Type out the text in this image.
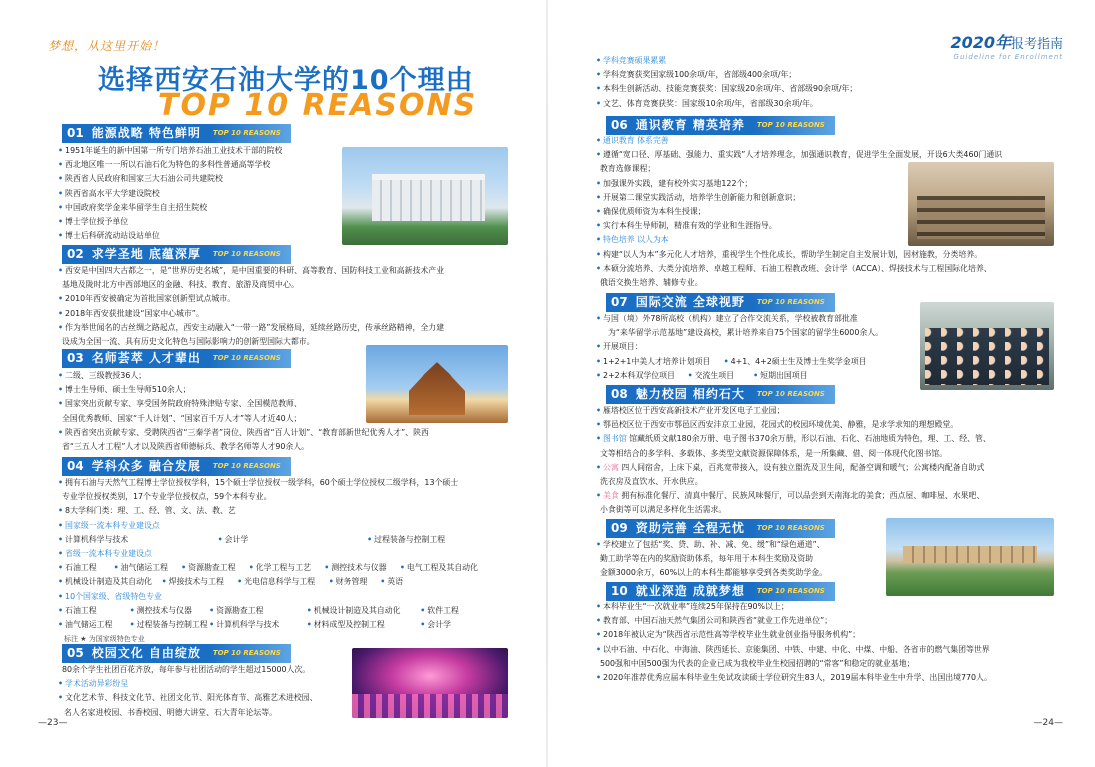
梦想，从这里开始！
选择西安石油大学的10个理由
TOP 10 REASONS
01 能源战略 特色鲜明	TOP 10 REASONS
• 1951年诞生的新中国第一所专门培养石油工业技术干部的院校
• 西北地区唯一一所以石油石化为特色的多科性普通高等学校
• 陕西省人民政府和国家三大石油公司共建院校
• 陕西省高水平大学建设院校
• 中国政府奖学金来华留学生自主招生院校
• 博士学位授予单位
• 博士后科研流动站设站单位
02 求学圣地 底蕴深厚	TOP 10 REASONS
• 西安是中国四大古都之一，是“世界历史名城”，是中国重要的科研、高等教育、国防科技工业和高新技术产业
基地及陇时北方中西部地区的金融、科技、教育、旅游及商贸中心。
• 2010年西安被确定为首批国家创新型试点城市。
• 2018年西安获批建设“国家中心城市”。
• 作为举世闻名的古丝绸之路起点，西安主动融入“一带一路”发展格局，延续丝路历史，传承丝路精神，全力建
设成为全国一流、具有历史文化特色与国际影响力的创新型国际大都市。
03 名师荟萃 人才辈出	TOP 10 REASONS
• 二级、三级教授36人；
• 博士生导师、硕士生导师510余人；
• 国家突出贡献专家、享受国务院政府特殊津贴专家、全国模范教师、
全国优秀教师、国家“千人计划”、“国家百千万人才”等人才近40人；
• 陕西省突出贡献专家、受聘陕西省“三秦学者”岗位、陕西省“百人计划”、“教育部新世纪优秀人才”、陕西
省“三五人才工程”人才以及陕西省师德标兵、教学名师等人才90余人。
04 学科众多 融合发展	TOP 10 REASONS
• 拥有石油与天然气工程博士学位授权学科，15个硕士学位授权一级学科，60个硕士学位授权二级学科，13个硕士
专业学位授权类别，17个专业学位授权点，59个本科专业。
• 8大学科门类：理、工、经、管、文、法、教、艺
• 国家级一流本科专业建设点
• 计算机科学与技术	• 会计学	• 过程装备与控制工程
• 省级一流本科专业建设点
• 石油工程 • 油气储运工程 • 资源勘查工程 • 化学工程与工艺 • 测控技术与仪器 • 电气工程及其自动化
• 机械设计制造及其自动化 • 焊接技术与工程 • 光电信息科学与工程 • 财务管理 • 英语
• 10个国家级、省级特色专业
• 石油工程	• 测控技术与仪器 • 资源勘查工程	• 机械设计制造及其自动化 • 软件工程
• 油气储运工程 • 过程装备与控制工程 • 计算机科学与技术	• 材料成型及控制工程	• 会计学
标注 ★ 为国家级特色专业
05 校园文化 自由绽放	TOP 10 REASONS
80余个学生社团百花齐放，每年参与社团活动的学生超过15000人次。
• 学术活动异彩纷呈
• 文化艺术节、科技文化节、社团文化节、阳光体育节、高雅艺术进校园、
名人名家进校园、书香校园、明德大讲堂、石大青年论坛等。
—23—
2020年报考指南
Guideline for Enrollment
• 学科竞赛硕果累累
• 学科竞赛获奖国家级100余项/年，省部级400余项/年；
• 本科生创新活动、技能竞赛获奖：国家级20余项/年、省部级90余项/年；
• 文艺、体育竞赛获奖：国家级10余项/年，省部级30余项/年。
06 通识教育 精英培养	TOP 10 REASONS
• 通识教育 体系完善
• 遵循“宽口径、厚基础、强能力、重实践”人才培养理念，加强通识教育，促进学生全面发展，开设6大类460门通识
教育选修课程；
• 加强课外实践，建有校外实习基地122个；
• 开展第二课堂实践活动，培养学生创新能力和创新意识；
• 确保优质师资为本科生授课；
• 实行本科生导师制，精准有效的学业和生涯指导。
• 特色培养 以人为本
• 构建“以人为本”多元化人才培养，重视学生个性化成长，帮助学生制定自主发展计划，因材施教，分类培养。
• 本硕分流培养、大类分流培养、卓越工程师、石油工程教改班、会计学（ACCA）、焊接技术与工程国际化培养、
俄语交换生培养、辅修专业。
07 国际交流 全球视野	TOP 10 REASONS
• 与国（境）外78所高校（机构）建立了合作交流关系，学校被教育部批准
为“来华留学示范基地”建设高校，累计培养来自75个国家的留学生6000余人。
• 开展项目：
• 1+2+1中美人才培养计划项目 • 4+1、4+2硕士生及博士生奖学金项目
• 2+2本科双学位项目 • 交流生项目 • 短期出国项目
08 魅力校园 相约石大	TOP 10 REASONS
• 雁塔校区位于西安高新技术产业开发区电子工业园；
• 鄠邑校区位于西安市鄠邑区西安沣京工业园，花园式的校园环境优美、静雅，是求学求知的理想殿堂。
• 图书馆 馆藏纸质文献180余万册、电子图书370余万册，形以石油、石化、石油地质为特色，理、工、经、管、
文等相结合的多学科、多载体、多类型文献资源保障体系，是一所集藏、借、阅一体现代化图书馆。
• 公寓 四人间宿舍，上床下桌，百兆宽带接入，设有独立盥洗及卫生间，配备空调和暖气；公寓楼内配备自助式
洗衣房及直饮水、开水供应。
• 美食 拥有标准化餐厅、清真中餐厅、民族风味餐厅，可以品尝到天南海北的美食；西点屋、咖啡屋、水果吧、
小食街等可以满足多样化生活需求。
09 资助完善 全程无忧	TOP 10 REASONS
• 学校建立了包括“奖、贷、助、补、减、免、缓”和“绿色通道”、
勤工助学等在内的奖励资助体系，每年用于本科生奖励及资助
金额3000余万，60%以上的本科生都能够享受到各类奖助学金。
10 就业深造 成就梦想	TOP 10 REASONS
• 本科毕业生“一次就业率”连续25年保持在90%以上；
• 教育部、中国石油天然气集团公司和陕西省“就业工作先进单位”；
• 2018年被认定为“陕西省示范性高等学校毕业生就业创业指导服务机构”；
• 以中石油、中石化、中海油、陕西延长、京能集团、中铁、中建、中化、中煤、中船、各省市的燃气集团等世界
500强和中国500强为代表的企业已成为我校毕业生校园招聘的“常客”和稳定的就业基地；
• 2020年准荐优秀应届本科毕业生免试攻读硕士学位研究生83人，2019届本科毕业生中升学、出国出境770人。
—24—
